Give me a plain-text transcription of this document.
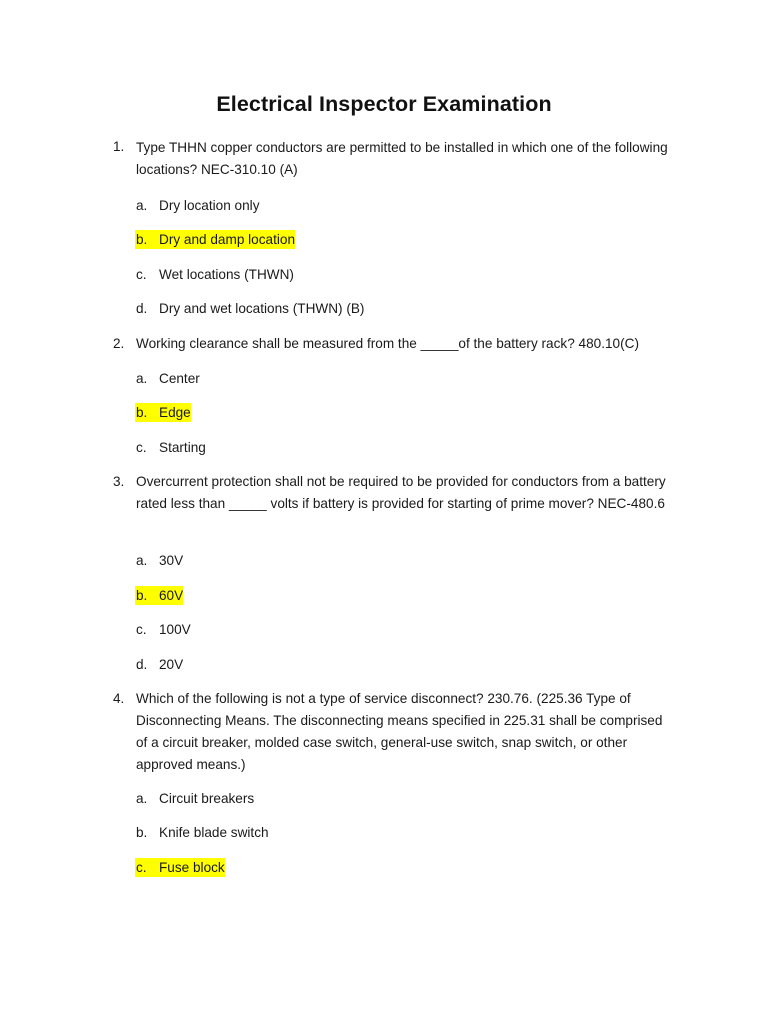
Electrical Inspector Examination
1. Type THHN copper conductors are permitted to be installed in which one of the following locations? NEC-310.10 (A)
a. Dry location only
b. Dry and damp location
c. Wet locations (THWN)
d. Dry and wet locations (THWN) (B)
2. Working clearance shall be measured from the _____of the battery rack? 480.10(C)
a. Center
b. Edge
c. Starting
3. Overcurrent protection shall not be required to be provided for conductors from a battery rated less than _____ volts if battery is provided for starting of prime mover? NEC-480.6
a. 30V
b. 60V
c. 100V
d. 20V
4. Which of the following is not a type of service disconnect? 230.76. (225.36 Type of Disconnecting Means. The disconnecting means specified in 225.31 shall be comprised of a circuit breaker, molded case switch, general-use switch, snap switch, or other approved means.)
a. Circuit breakers
b. Knife blade switch
c. Fuse block
